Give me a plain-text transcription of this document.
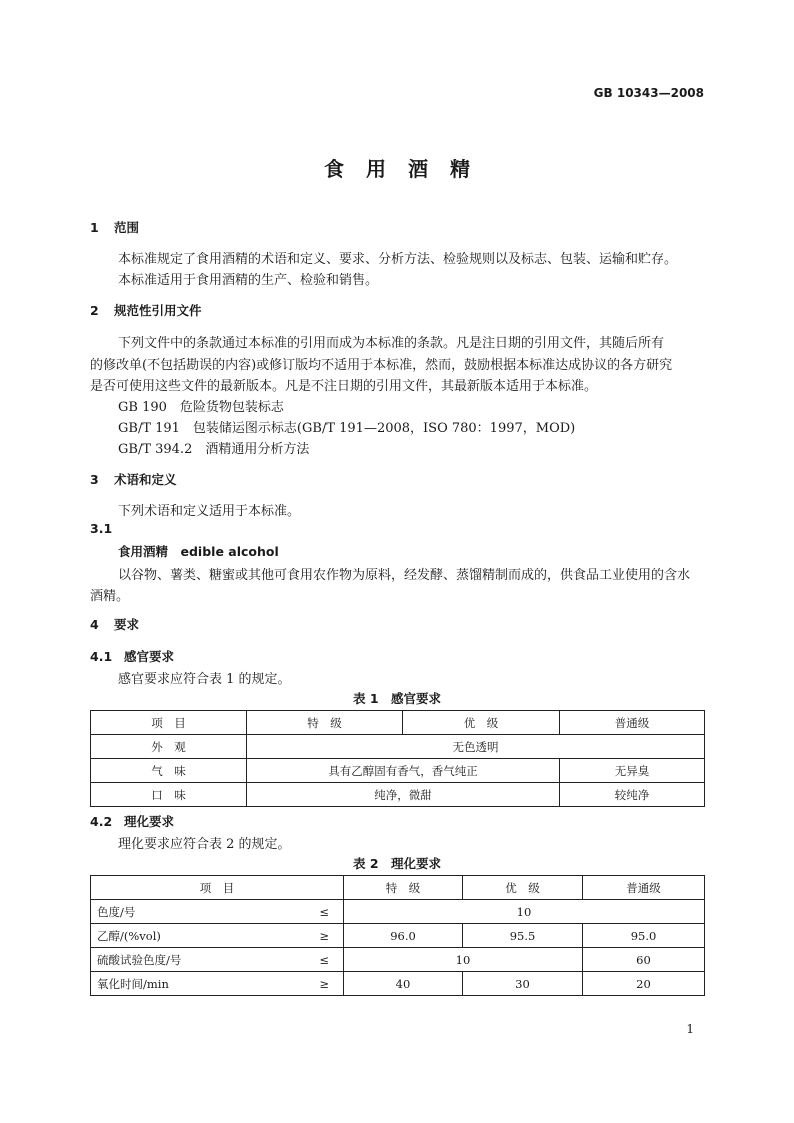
GB 10343—2008
食用酒精
1 范围
本标准规定了食用酒精的术语和定义、要求、分析方法、检验规则以及标志、包装、运输和贮存。
本标准适用于食用酒精的生产、检验和销售。
2 规范性引用文件
下列文件中的条款通过本标准的引用而成为本标准的条款。凡是注日期的引用文件，其随后所有
的修改单(不包括勘误的内容)或修订版均不适用于本标准，然而，鼓励根据本标准达成协议的各方研究
是否可使用这些文件的最新版本。凡是不注日期的引用文件，其最新版本适用于本标准。
GB 190　危险货物包装标志
GB/T 191　包装储运图示标志(GB/T 191—2008，ISO 780：1997，MOD)
GB/T 394.2　酒精通用分析方法
3 术语和定义
下列术语和定义适用于本标准。
3.1
食用酒精　edible alcohol
以谷物、薯类、糖蜜或其他可食用农作物为原料，经发酵、蒸馏精制而成的，供食品工业使用的含水
酒精。
4 要求
4.1 感官要求
感官要求应符合表 1 的规定。
表 1　感官要求
项　目	特　级	优　级	普通级
外　观	无色透明		
气　味	具有乙醇固有香气，香气纯正		无异臭
口　味	纯净，微甜		较纯净
4.2 理化要求
理化要求应符合表 2 的规定。
表 2　理化要求
项　目		特　级	优　级	普通级
色度/号	≤	10		
乙醇/(%vol)	≥	96.0	95.5	95.0
硫酸试验色度/号	≤	10		60
氧化时间/min	≥	40	30	20
1
